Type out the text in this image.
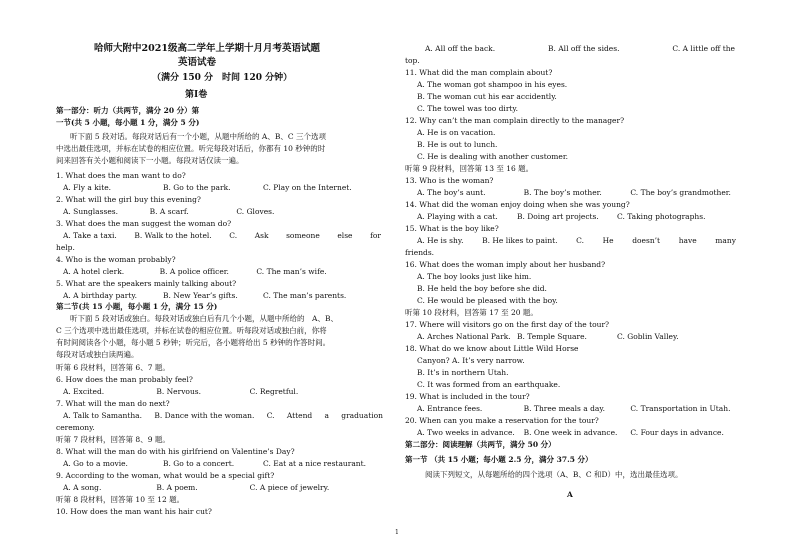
哈师大附中2021级高二学年上学期十月月考英语试题
英语试卷
（满分 150 分　时间 120 分钟）
第Ⅰ卷
第一部分：听力（共两节，满分 20 分）第
一节(共 5 小题，每小题 1 分，满分 5 分)
听下面 5 段对话。每段对话后有一个小题，从题中所给的 A、B、C 三个选项
中选出最佳选项，并标在试卷的相应位置。听完每段对话后，你都有 10 秒钟的时
间来回答有关小题和阅读下一小题。每段对话仅读一遍。
1. What does the man want to do?
A. Fly a kite.	B. Go to the park.	C. Play on the Internet.
2. What will the girl buy this evening?
A. Sunglasses.	B. A scarf.	C. Gloves.
3. What does the man suggest the woman do?
A. Take a taxi. B. Walk to the hotel. C. Ask someone else for
help.
4. Who is the woman probably?
A. A hotel clerk.	B. A police officer.	C. The man’s wife.
5. What are the speakers mainly talking about?
A. A birthday party.	B. New Year’s gifts.	C. The man’s parents.
第二节(共 15 小题，每小题 1 分，满分 15 分)
听下面 5 段对话或独白。每段对话或独白后有几个小题，从题中所给的　A、B、
C 三个选项中选出最佳选项，并标在试卷的相应位置。听每段对话或独白前，你将
有时间阅读各个小题，每小题 5 秒钟；听完后，各小题将给出 5 秒钟的作答时间。
每段对话或独白读两遍。
听第 6 段材料，回答第 6、7 题。
6. How does the man probably feel?
A. Excited.	B. Nervous.	C. Regretful.
7. What will the man do next?
A. Talk to Samantha. B. Dance with the woman. C. Attend a graduation
ceremony.
听第 7 段材料，回答第 8、9 题。
8. What will the man do with his girlfriend on Valentine’s Day?
A. Go to a movie.	B. Go to a concert.	C. Eat at a nice restaurant.
9. According to the woman, what would be a special gift?
A. A song.	B. A poem.	C. A piece of jewelry.
听第 8 段材料，回答第 10 至 12 题。
10. How does the man want his hair cut?
A. All off the back.	B. All off the sides.	C. A little off the
top.
11. What did the man complain about?
A. The woman got shampoo in his eyes.
B. The woman cut his ear accidently.
C. The towel was too dirty.
12. Why can’t the man complain directly to the manager?
A. He is on vacation.
B. He is out to lunch.
C. He is dealing with another customer.
听第 9 段材料，回答第 13 至 16 题。
13. Who is the woman?
A. The boy’s aunt.	B. The boy’s mother.	C. The boy’s grandmother.
14. What did the woman enjoy doing when she was young?
A. Playing with a cat.	B. Doing art projects. C. Taking photographs.
15. What is the boy like?
A. He is shy. B. He likes to paint. C. He doesn’t have many
friends.
16. What does the woman imply about her husband?
A. The boy looks just like him.
B. He held the boy before she did.
C. He would be pleased with the boy.
听第 10 段材料，回答第 17 至 20 题。
17. Where will visitors go on the first day of the tour?
A. Arches National Park. B. Temple Square.	C. Goblin Valley.
18. What do we know about Little Wild Horse
Canyon? A. It’s very narrow.
B. It’s in northern Utah.
C. It was formed from an earthquake.
19. What is included in the tour?
A. Entrance fees.	B. Three meals a day.	C. Transportation in Utah.
20. When can you make a reservation for the tour?
A. Two weeks in advance. B. One week in advance. C. Four days in advance.
第二部分：阅读理解（共两节，满分 50 分）
第一节 （共 15 小题；每小题 2.5 分，满分 37.5 分）
阅读下列短文，从每题所给的四个选项（A、B、C 和D）中，选出最佳选项。
A
1
